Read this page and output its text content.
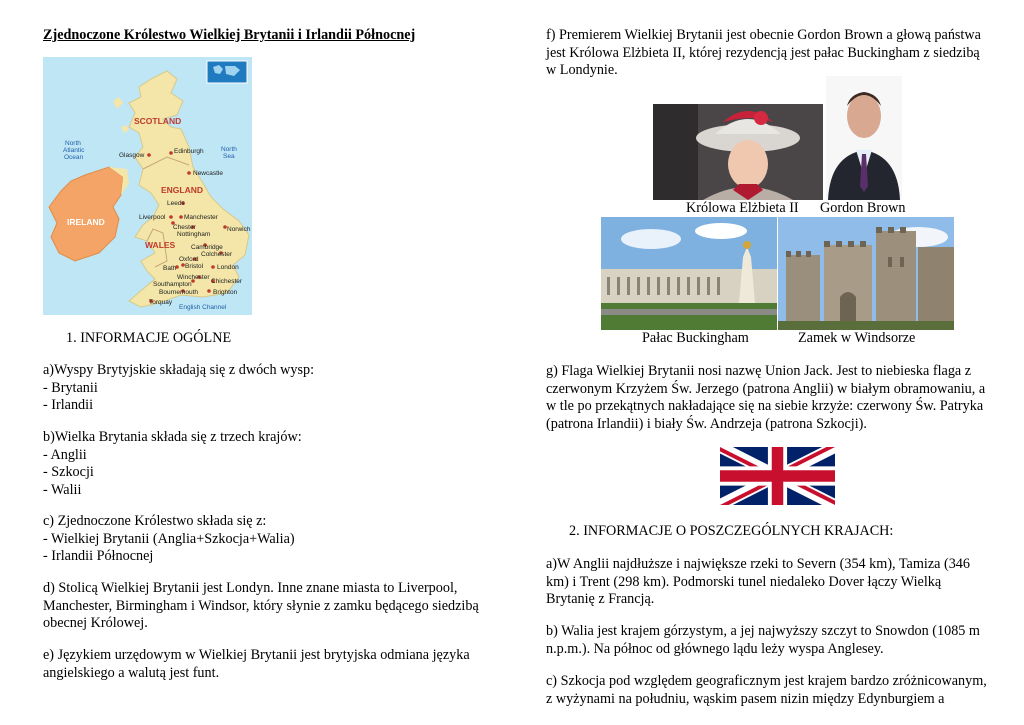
Zjednoczone Królestwo Wielkiej Brytanii i Irlandii Północnej
SCOTLAND
ENGLAND
IRELAND
WALES
North Atlantic Ocean
North Sea
English Channel
Glasgow
Edinburgh
Newcastle
Leeds
Liverpool	Manchester
Chester
Nottingham
Norwich
Cambridge
Colchester
Oxford
Bristol
Bath	London
Winchester
Chichester
Southampton
Bournemouth Brighton
Torquay
1. INFORMACJE OGÓLNE
a)Wyspy Brytyjskie składają się z dwóch wysp:
- Brytanii
- Irlandii
b)Wielka Brytania składa się z trzech krajów:
- Anglii
- Szkocji
- Walii
c) Zjednoczone Królestwo składa się z:
- Wielkiej Brytanii (Anglia+Szkocja+Walia)
- Irlandii Północnej
d) Stolicą Wielkiej Brytanii jest Londyn. Inne znane miasta to Liverpool,
Manchester, Birmingham i Windsor, który słynie z zamku będącego siedzibą
obecnej Królowej.
e) Językiem urzędowym w Wielkiej Brytanii jest brytyjska odmiana języka
angielskiego a walutą jest funt.
f) Premierem Wielkiej Brytanii jest obecnie Gordon Brown a głową państwa
jest Królowa Elżbieta II, której rezydencją jest pałac Buckingham z siedzibą
w Londynie.
Królowa Elżbieta II Gordon Brown
Pałac Buckingham	Zamek w Windsorze
g) Flaga Wielkiej Brytanii nosi nazwę Union Jack. Jest to niebieska flaga z
czerwonym Krzyżem Św. Jerzego (patrona Anglii) w białym obramowaniu, a
w tle po przekątnych nakładające się na siebie krzyże: czerwony Św. Patryka
(patrona Irlandii) i biały Św. Andrzeja (patrona Szkocji).
2. INFORMACJE O POSZCZEGÓLNYCH KRAJACH:
a)W Anglii najdłuższe i największe rzeki to Severn (354 km), Tamiza (346
km) i Trent (298 km). Podmorski tunel niedaleko Dover łączy Wielką
Brytanię z Francją.
b) Walia jest krajem górzystym, a jej najwyższy szczyt to Snowdon (1085 m
n.p.m.). Na północ od głównego lądu leży wyspa Anglesey.
c) Szkocja pod względem geograficznym jest krajem bardzo zróżnicowanym,
z wyżynami na południu, wąskim pasem nizin między Edynburgiem a
